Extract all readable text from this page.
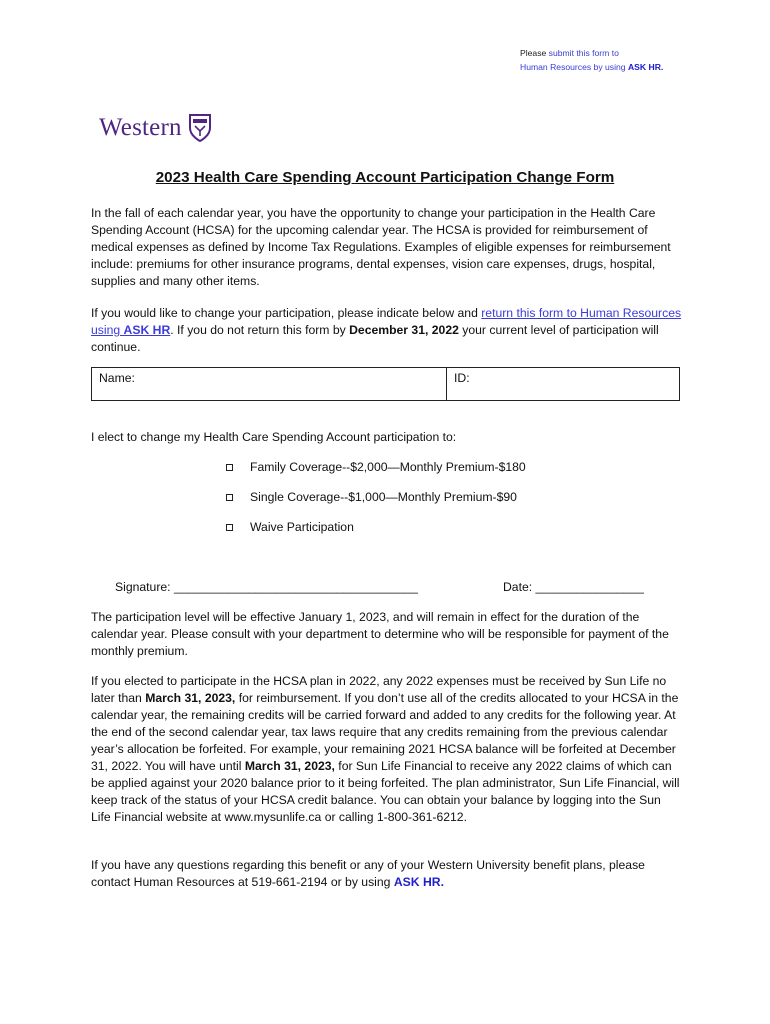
Please submit this form to
Human Resources by using ASK HR.
Western
2023 Health Care Spending Account Participation Change Form
In the fall of each calendar year, you have the opportunity to change your participation in the Health Care Spending Account (HCSA) for the upcoming calendar year. The HCSA is provided for reimbursement of medical expenses as defined by Income Tax Regulations. Examples of eligible expenses for reimbursement include: premiums for other insurance programs, dental expenses, vision care expenses, drugs, hospital, supplies and many other items.
If you would like to change your participation, please indicate below and return this form to Human Resources using ASK HR. If you do not return this form by December 31, 2022 your current level of participation will continue.
Name:	ID:
I elect to change my Health Care Spending Account participation to:
Family Coverage--$2,000—Monthly Premium-$180
Single Coverage--$1,000—Monthly Premium-$90
Waive Participation
Signature: ____________________________________	Date: ________________
The participation level will be effective January 1, 2023, and will remain in effect for the duration of the calendar year. Please consult with your department to determine who will be responsible for payment of the monthly premium.
If you elected to participate in the HCSA plan in 2022, any 2022 expenses must be received by Sun Life no later than March 31, 2023, for reimbursement. If you don’t use all of the credits allocated to your HCSA in the calendar year, the remaining credits will be carried forward and added to any credits for the following year. At the end of the second calendar year, tax laws require that any credits remaining from the previous calendar year’s allocation be forfeited. For example, your remaining 2021 HCSA balance will be forfeited at December 31, 2022. You will have until March 31, 2023, for Sun Life Financial to receive any 2022 claims of which can be applied against your 2020 balance prior to it being forfeited. The plan administrator, Sun Life Financial, will keep track of the status of your HCSA credit balance. You can obtain your balance by logging into the Sun Life Financial website at www.mysunlife.ca or calling 1-800-361-6212.
If you have any questions regarding this benefit or any of your Western University benefit plans, please contact Human Resources at 519-661-2194 or by using ASK HR.
